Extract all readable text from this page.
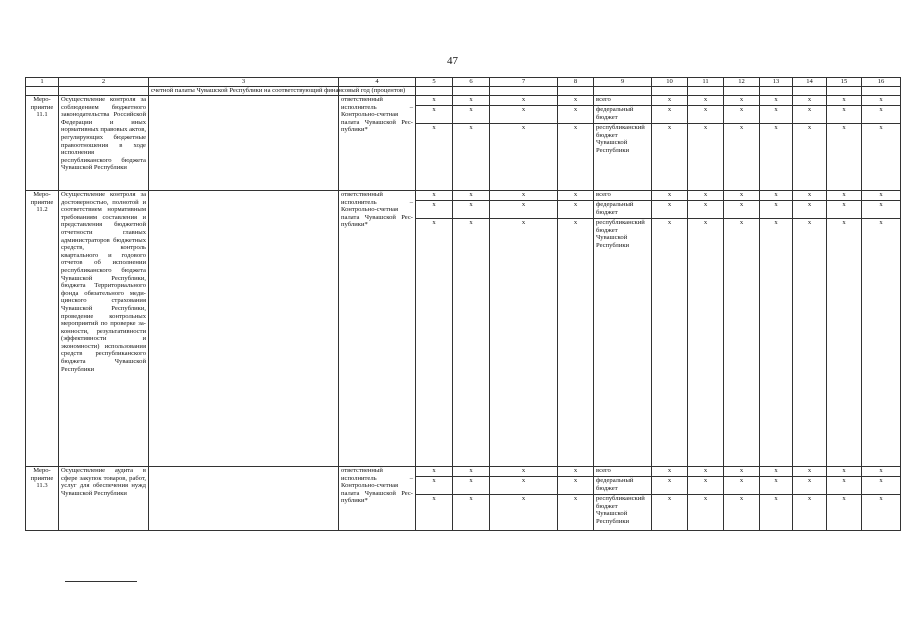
47
1	2	3	4	5	6	7	8	9	10	11	12	13	14	15	16
		счетной палаты Чувашской Республики на соответствующий финансовый год (процентов)													
Мероприятие 11.1	Осуществление контроля за соблюдением бюджетного законодательства Российской Федерации и иных нормативных правовых актов, регулирующих бюджетные правоотношения в ходе исполнения республиканского бюджета Чувашской Республики		ответственный исполнитель – Контрольно-счетная палата Чувашской Республики*	x	x	x	x	всего	x	x	x	x	x	x	x
				x	x	x	x	федеральный бюджет	x	x	x	x	x	x	x
				x	x	x	x	республиканский бюджет Чувашской Республики	x	x	x	x	x	x	x
Мероприятие 11.2	Осуществление контроля за достоверностью, полнотой и соответствием нормативным требованиям составления и представления бюджетной отчетности главных администраторов бюджетных средств, контроль квартального и годового отчетов об исполнении республиканского бюджета Чувашской Республики, бюджета Территориального фонда обязательного медицинского страхования Чувашской Республики, проведение контрольных мероприятий по проверке законности, результативности (эффективности и экономности) использования средств республиканского бюджета Чувашской Республики		ответственный исполнитель – Контрольно-счетная палата Чувашской Республики*	x	x	x	x	всего	x	x	x	x	x	x	x
				x	x	x	x	федеральный бюджет	x	x	x	x	x	x	x
				x	x	x	x	республиканский бюджет Чувашской Республики	x	x	x	x	x	x	x
Мероприятие 11.3	Осуществление аудита в сфере закупок товаров, работ, услуг для обеспечения нужд Чувашской Республики		ответственный исполнитель – Контрольно-счетная палата Чувашской Республики*	x	x	x	x	всего	x	x	x	x	x	x	x
				x	x	x	x	федеральный бюджет	x	x	x	x	x	x	x
				x	x	x	x	республиканский бюджет Чувашской Республики	x	x	x	x	x	x	x
